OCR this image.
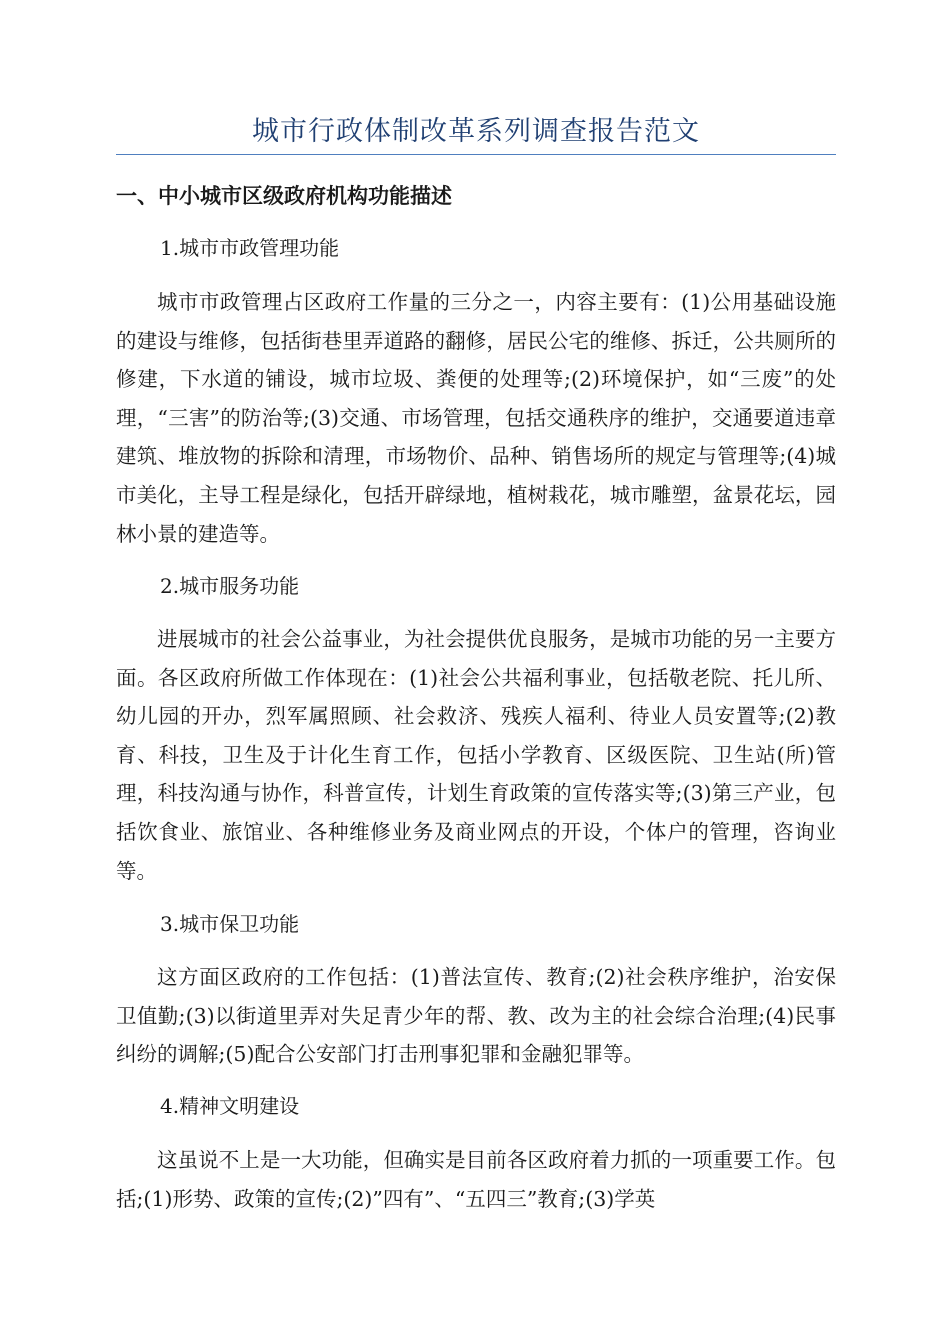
城市行政体制改革系列调查报告范文
一、中小城市区级政府机构功能描述
1.城市市政管理功能
城市市政管理占区政府工作量的三分之一，内容主要有：(1)公用基础设施的建设与维修，包括街巷里弄道路的翻修，居民公宅的维修、拆迁，公共厕所的修建，下水道的铺设，城市垃圾、粪便的处理等;(2)环境保护，如“三废”的处理，“三害”的防治等;(3)交通、市场管理，包括交通秩序的维护，交通要道违章建筑、堆放物的拆除和清理，市场物价、品种、销售场所的规定与管理等;(4)城市美化，主导工程是绿化，包括开辟绿地，植树栽花，城市雕塑，盆景花坛，园林小景的建造等。
2.城市服务功能
进展城市的社会公益事业，为社会提供优良服务，是城市功能的另一主要方面。各区政府所做工作体现在：(1)社会公共福利事业，包括敬老院、托儿所、幼儿园的开办，烈军属照顾、社会救济、残疾人福利、待业人员安置等;(2)教育、科技，卫生及于计化生育工作，包括小学教育、区级医院、卫生站(所)管理，科技沟通与协作，科普宣传，计划生育政策的宣传落实等;(3)第三产业，包括饮食业、旅馆业、各种维修业务及商业网点的开设，个体户的管理，咨询业等。
3.城市保卫功能
这方面区政府的工作包括：(1)普法宣传、教育;(2)社会秩序维护，治安保卫值勤;(3)以街道里弄对失足青少年的帮、教、改为主的社会综合治理;(4)民事纠纷的调解;(5)配合公安部门打击刑事犯罪和金融犯罪等。
4.精神文明建设
这虽说不上是一大功能，但确实是目前各区政府着力抓的一项重要工作。包括;(1)形势、政策的宣传;(2)”四有”、“五四三”教育;(3)学英
